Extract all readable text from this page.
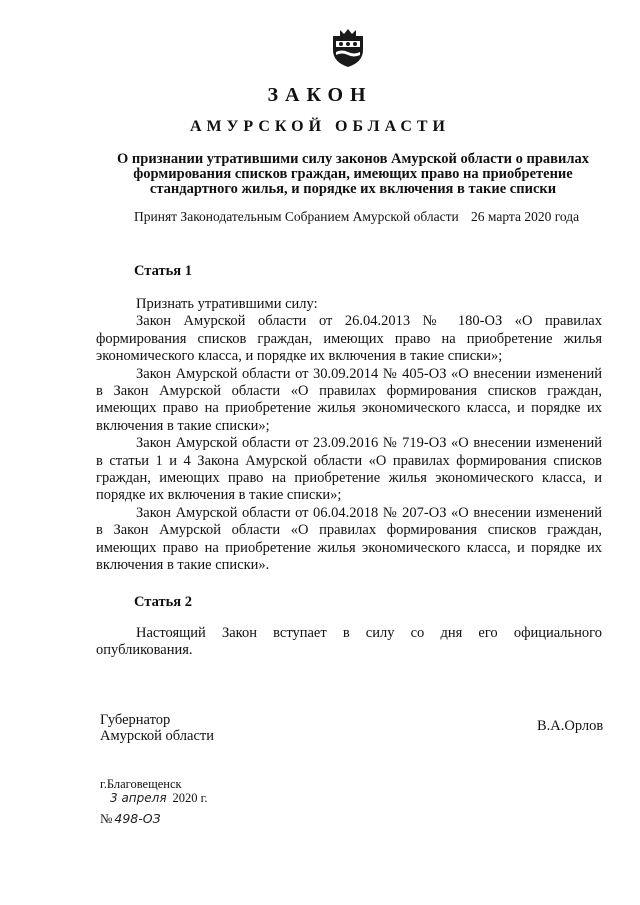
ЗАКОН
АМУРСКОЙ ОБЛАСТИ
О признании утратившими силу законов Амурской области о правилах формирования списков граждан, имеющих право на приобретение стандартного жилья, и порядке их включения в такие списки
Принят Законодательным Собранием Амурской области 26 марта 2020 года
Статья 1

Признать утратившими силу:

Закон Амурской области от 26.04.2013 № 180-ОЗ «О правилах формирования списков граждан, имеющих право на приобретение жилья экономического класса, и порядке их включения в такие списки»;

Закон Амурской области от 30.09.2014 № 405-ОЗ «О внесении изменений в Закон Амурской области «О правилах формирования списков граждан, имеющих право на приобретение жилья экономического класса, и порядке их включения в такие списки»;

Закон Амурской области от 23.09.2016 № 719-ОЗ «О внесении изменений в статьи 1 и 4 Закона Амурской области «О правилах формирования списков граждан, имеющих право на приобретение жилья экономического класса, и порядке их включения в такие списки»;

Закон Амурской области от 06.04.2018 № 207-ОЗ «О внесении изменений в Закон Амурской области «О правилах формирования списков граждан, имеющих право на приобретение жилья экономического класса, и порядке их включения в такие списки».

Статья 2

Настоящий Закон вступает в силу со дня его официального опубликования.

Губернатор
Амурской области
В.А.Орлов
г.Благовещенск
3 апреля 2020 г.
№ 498-ОЗ
